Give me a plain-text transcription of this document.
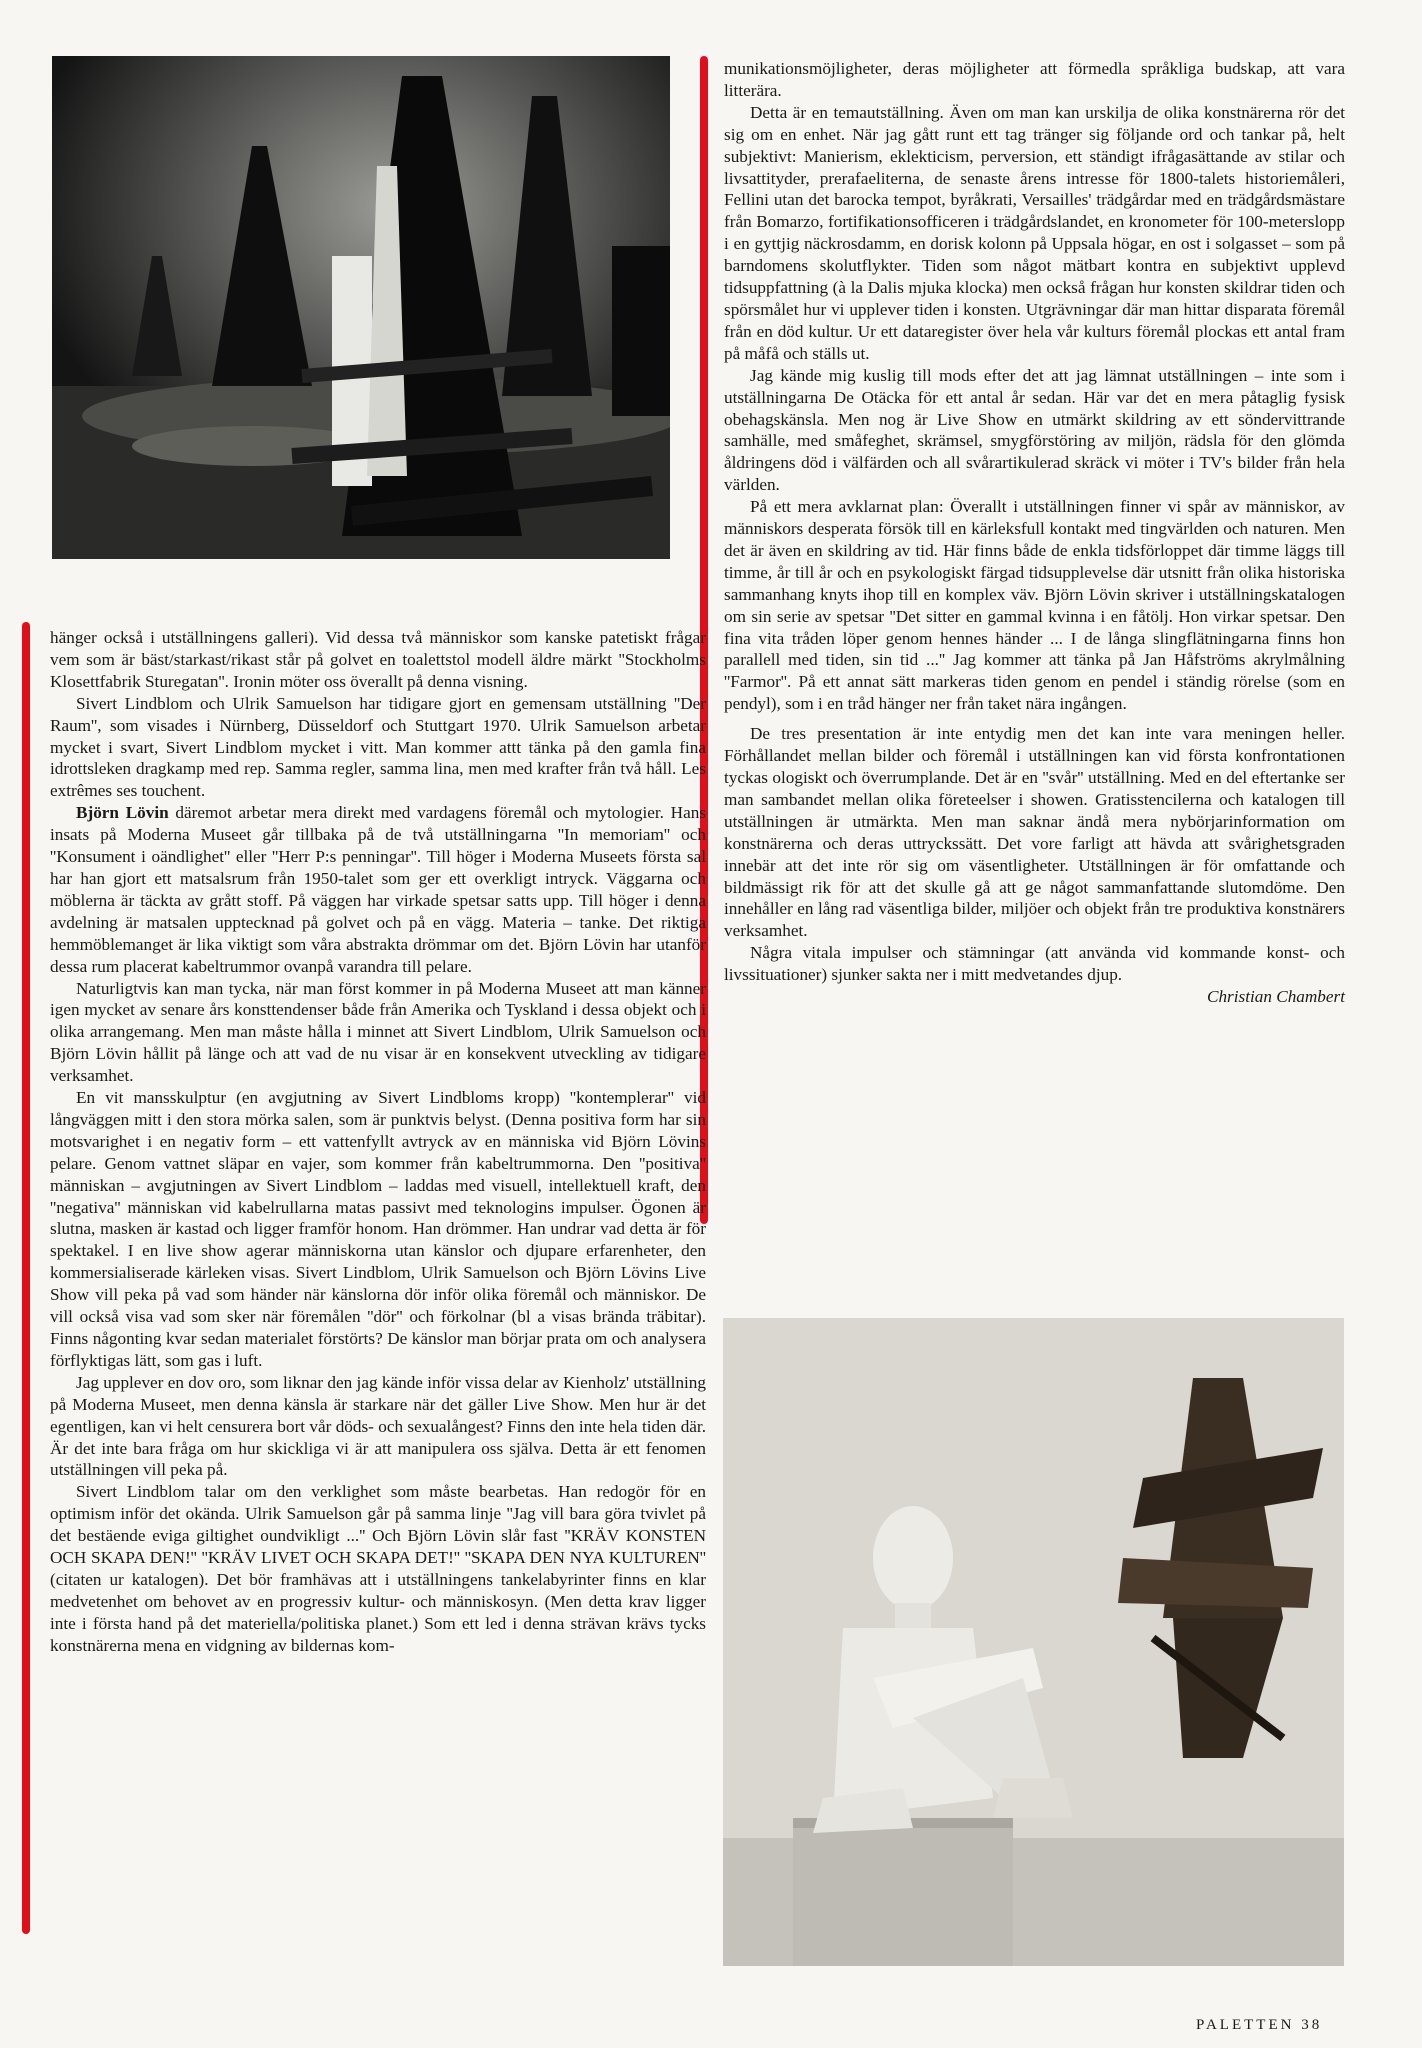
hänger också i utställningens galleri). Vid dessa två människor som kanske patetiskt frågar vem som är bäst/starkast/rikast står på golvet en toalettstol modell äldre märkt ''Stockholms Klosettfabrik Sturegatan''. Ironin möter oss överallt på denna visning.

Sivert Lindblom och Ulrik Samuelson har tidigare gjort en gemensam utställning ''Der Raum'', som visades i Nürnberg, Düsseldorf och Stuttgart 1970. Ulrik Samuelson arbetar mycket i svart, Sivert Lindblom mycket i vitt. Man kommer attt tänka på den gamla fina idrottsleken dragkamp med rep. Samma regler, samma lina, men med krafter från två håll. Les extrêmes ses touchent.

Björn Lövin däremot arbetar mera direkt med vardagens föremål och mytologier. Hans insats på Moderna Museet går tillbaka på de två utställningarna ''In memoriam'' och ''Konsument i oändlighet'' eller ''Herr P:s penningar''. Till höger i Moderna Museets första sal har han gjort ett matsalsrum från 1950-talet som ger ett overkligt intryck. Väggarna och möblerna är täckta av grått stoff. På väggen har virkade spetsar satts upp. Till höger i denna avdelning är matsalen upptecknad på golvet och på en vägg. Materia – tanke. Det riktiga hemmöblemanget är lika viktigt som våra abstrakta drömmar om det. Björn Lövin har utanför dessa rum placerat kabeltrummor ovanpå varandra till pelare.

Naturligtvis kan man tycka, när man först kommer in på Moderna Museet att man känner igen mycket av senare års konsttendenser både från Amerika och Tyskland i dessa objekt och i olika arrangemang. Men man måste hålla i minnet att Sivert Lindblom, Ulrik Samuelson och Björn Lövin hållit på länge och att vad de nu visar är en konsekvent utveckling av tidigare verksamhet.

En vit mansskulptur (en avgjutning av Sivert Lindbloms kropp) ''kontemplerar'' vid långväggen mitt i den stora mörka salen, som är punktvis belyst. (Denna positiva form har sin motsvarighet i en negativ form – ett vattenfyllt avtryck av en människa vid Björn Lövins pelare. Genom vattnet släpar en vajer, som kommer från kabeltrummorna. Den ''positiva'' människan – avgjutningen av Sivert Lindblom – laddas med visuell, intellektuell kraft, den ''negativa'' människan vid kabelrullarna matas passivt med teknologins impulser. Ögonen är slutna, masken är kastad och ligger framför honom. Han drömmer. Han undrar vad detta är för spektakel. I en live show agerar människorna utan känslor och djupare erfarenheter, den kommersialiserade kärleken visas. Sivert Lindblom, Ulrik Samuelson och Björn Lövins Live Show vill peka på vad som händer när känslorna dör inför olika föremål och människor. De vill också visa vad som sker när föremålen ''dör'' och förkolnar (bl a visas brända träbitar). Finns någonting kvar sedan materialet förstörts? De känslor man börjar prata om och analysera förflyktigas lätt, som gas i luft.

Jag upplever en dov oro, som liknar den jag kände inför vissa delar av Kienholz' utställning på Moderna Museet, men denna känsla är starkare när det gäller Live Show. Men hur är det egentligen, kan vi helt censurera bort vår döds- och sexualångest? Finns den inte hela tiden där. Är det inte bara fråga om hur skickliga vi är att manipulera oss själva. Detta är ett fenomen utställningen vill peka på.

Sivert Lindblom talar om den verklighet som måste bearbetas. Han redogör för en optimism inför det okända. Ulrik Samuelson går på samma linje ''Jag vill bara göra tvivlet på det bestäende eviga giltighet oundvikligt ...'' Och Björn Lövin slår fast ''KRÄV KONSTEN OCH SKAPA DEN!'' ''KRÄV LIVET OCH SKAPA DET!'' ''SKAPA DEN NYA KULTUREN'' (citaten ur katalogen). Det bör framhävas att i utställningens tankelabyrinter finns en klar medvetenhet om behovet av en progressiv kultur- och människosyn. (Men detta krav ligger inte i första hand på det materiella/politiska planet.) Som ett led i denna strävan krävs tycks konstnärerna mena en vidgning av bildernas kom-

munikationsmöjligheter, deras möjligheter att förmedla språkliga budskap, att vara litterära.

Detta är en temautställning. Även om man kan urskilja de olika konstnärerna rör det sig om en enhet. När jag gått runt ett tag tränger sig följande ord och tankar på, helt subjektivt: Manierism, eklekticism, perversion, ett ständigt ifrågasättande av stilar och livsattityder, prerafaeliterna, de senaste årens intresse för 1800-talets historiemåleri, Fellini utan det barocka tempot, byråkrati, Versailles' trädgårdar med en trädgårdsmästare från Bomarzo, fortifikationsofficeren i trädgårdslandet, en kronometer för 100-meterslopp i en gyttjig näckrosdamm, en dorisk kolonn på Uppsala högar, en ost i solgasset – som på barndomens skolutflykter. Tiden som något mätbart kontra en subjektivt upplevd tidsuppfattning (à la Dalis mjuka klocka) men också frågan hur konsten skildrar tiden och spörsmålet hur vi upplever tiden i konsten. Utgrävningar där man hittar disparata föremål från en död kultur. Ur ett dataregister över hela vår kulturs föremål plockas ett antal fram på måfå och ställs ut.

Jag kände mig kuslig till mods efter det att jag lämnat utställningen – inte som i utställningarna De Otäcka för ett antal år sedan. Här var det en mera påtaglig fysisk obehagskänsla. Men nog är Live Show en utmärkt skildring av ett söndervittrande samhälle, med småfeghet, skrämsel, smygförstöring av miljön, rädsla för den glömda åldringens död i välfärden och all svårartikulerad skräck vi möter i TV's bilder från hela världen.

På ett mera avklarnat plan: Överallt i utställningen finner vi spår av människor, av människors desperata försök till en kärleksfull kontakt med tingvärlden och naturen. Men det är även en skildring av tid. Här finns både de enkla tidsförloppet där timme läggs till timme, år till år och en psykologiskt färgad tidsupplevelse där utsnitt från olika historiska sammanhang knyts ihop till en komplex väv. Björn Lövin skriver i utställningskatalogen om sin serie av spetsar ''Det sitter en gammal kvinna i en fåtölj. Hon virkar spetsar. Den fina vita tråden löper genom hennes händer ... I de långa slingflätningarna finns hon parallell med tiden, sin tid ...'' Jag kommer att tänka på Jan Håfströms akrylmålning ''Farmor''. På ett annat sätt markeras tiden genom en pendel i ständig rörelse (som en pendyl), som i en tråd hänger ner från taket nära ingången.

De tres presentation är inte entydig men det kan inte vara meningen heller. Förhållandet mellan bilder och föremål i utställningen kan vid första konfrontationen tyckas ologiskt och överrumplande. Det är en ''svår'' utställning. Med en del eftertanke ser man sambandet mellan olika företeelser i showen. Gratisstencilerna och katalogen till utställningen är utmärkta. Men man saknar ändå mera nybörjarinformation om konstnärerna och deras uttryckssätt. Det vore farligt att hävda att svårighetsgraden innebär att det inte rör sig om väsentligheter. Utställningen är för omfattande och bildmässigt rik för att det skulle gå att ge något sammanfattande slutomdöme. Den innehåller en lång rad väsentliga bilder, miljöer och objekt från tre produktiva konstnärers verksamhet.

Några vitala impulser och stämningar (att använda vid kommande konst- och livssituationer) sjunker sakta ner i mitt medvetandes djup.

Christian Chambert

PALETTEN 38
